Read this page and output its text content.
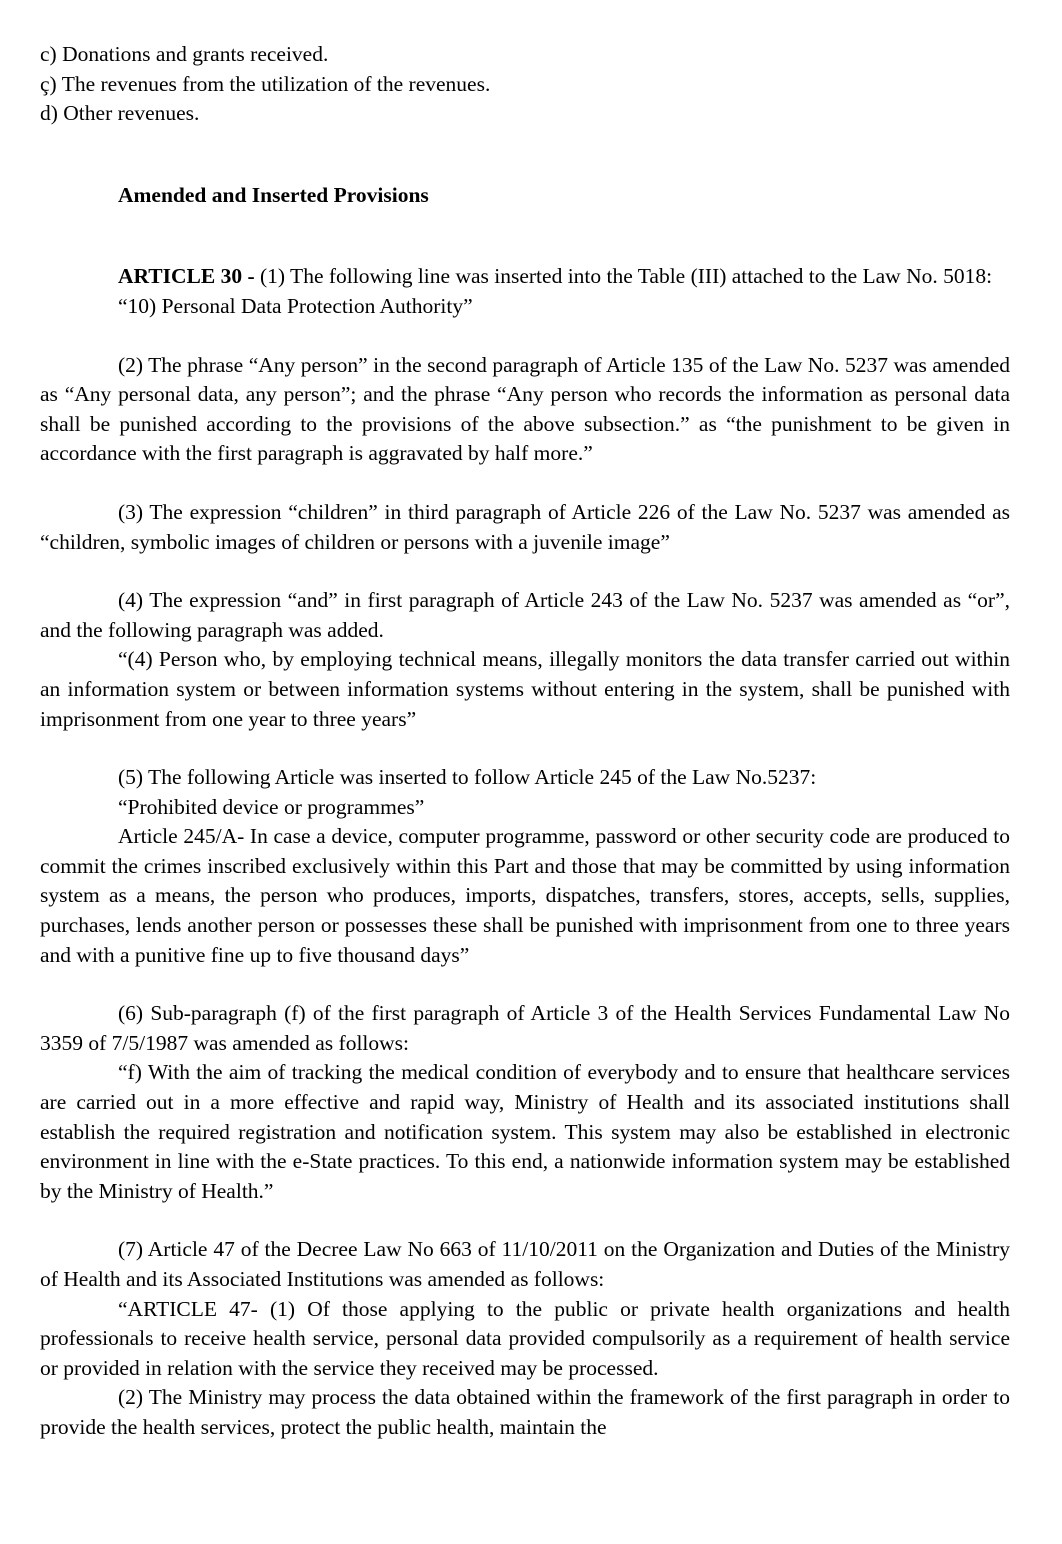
c) Donations and grants received.

ç) The revenues from the utilization of the revenues.

d) Other revenues.

Amended and Inserted Provisions

ARTICLE 30 - (1) The following line was inserted into the Table (III) attached to the Law No. 5018:

“10) Personal Data Protection Authority”

(2) The phrase “Any person” in the second paragraph of Article 135 of the Law No. 5237 was amended as “Any personal data, any person”; and the phrase “Any person who records the information as personal data shall be punished according to the provisions of the above subsection.” as “the punishment to be given in accordance with the first paragraph is aggravated by half more.”

(3) The expression “children” in third paragraph of Article 226 of the Law No. 5237 was amended as “children, symbolic images of children or persons with a juvenile image”

(4) The expression “and” in first paragraph of Article 243 of the Law No. 5237 was amended as “or”, and the following paragraph was added.

“(4) Person who, by employing technical means, illegally monitors the data transfer carried out within an information system or between information systems without entering in the system, shall be punished with imprisonment from one year to three years”

(5) The following Article was inserted to follow Article 245 of the Law No.5237:

“Prohibited device or programmes”

Article 245/A- In case a device, computer programme, password or other security code are produced to commit the crimes inscribed exclusively within this Part and those that may be committed by using information system as a means, the person who produces, imports, dispatches, transfers, stores, accepts, sells, supplies, purchases, lends another person or possesses these shall be punished with imprisonment from one to three years and with a punitive fine up to five thousand days”

(6) Sub-paragraph (f) of the first paragraph of Article 3 of the Health Services Fundamental Law No 3359 of 7/5/1987 was amended as follows:

“f) With the aim of tracking the medical condition of everybody and to ensure that healthcare services are carried out in a more effective and rapid way, Ministry of Health and its associated institutions shall establish the required registration and notification system. This system may also be established in electronic environment in line with the e-State practices. To this end, a nationwide information system may be established by the Ministry of Health.”

(7) Article 47 of the Decree Law No 663 of 11/10/2011 on the Organization and Duties of the Ministry of Health and its Associated Institutions was amended as follows:

“ARTICLE 47- (1) Of those applying to the public or private health organizations and health professionals to receive health service, personal data provided compulsorily as a requirement of health service or provided in relation with the service they received may be processed.

(2) The Ministry may process the data obtained within the framework of the first paragraph in order to provide the health services, protect the public health, maintain the
